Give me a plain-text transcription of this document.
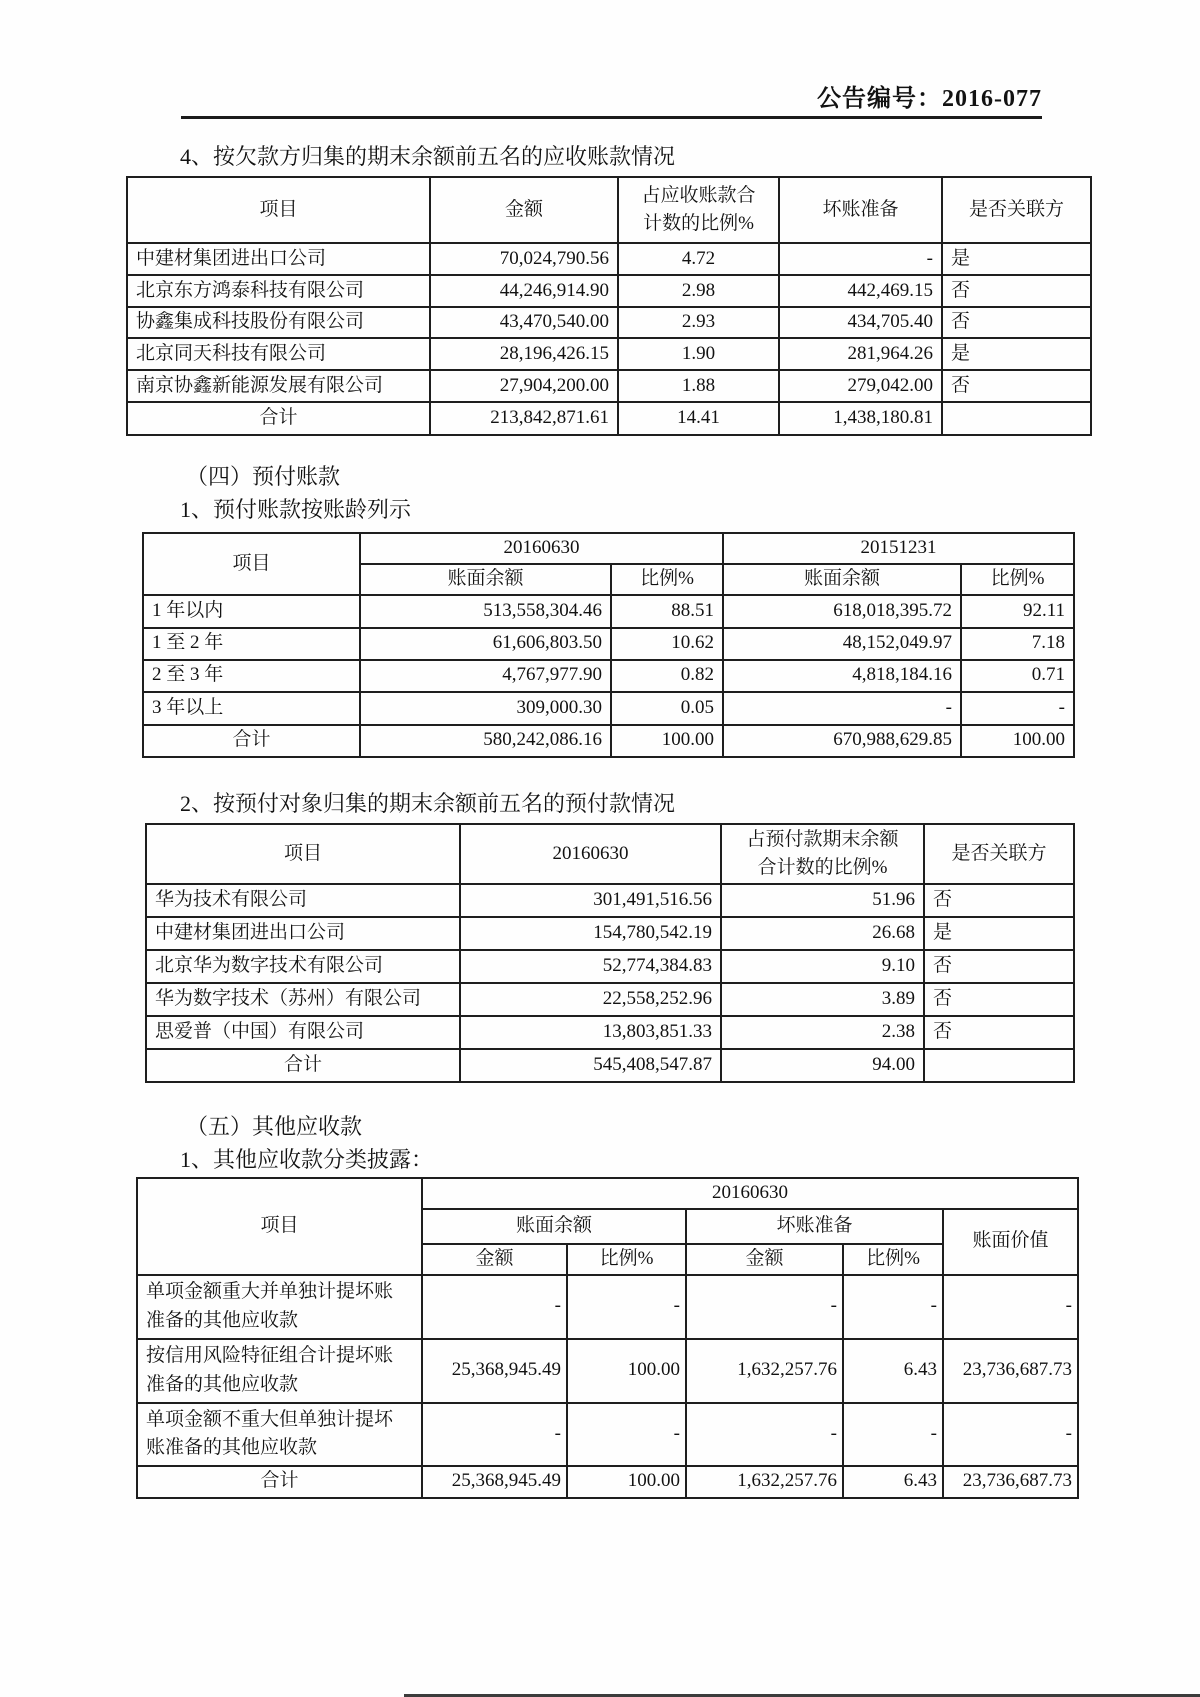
公告编号：2016-077
4、按欠款方归集的期末余额前五名的应收账款情况
项目	金额	占应收账款合计数的比例%	坏账准备	是否关联方
中建材集团进出口公司	70,024,790.56	4.72	-	是
北京东方鸿泰科技有限公司	44,246,914.90	2.98	442,469.15	否
协鑫集成科技股份有限公司	43,470,540.00	2.93	434,705.40	否
北京同天科技有限公司	28,196,426.15	1.90	281,964.26	是
南京协鑫新能源发展有限公司	27,904,200.00	1.88	279,042.00	否
合计	213,842,871.61	14.41	1,438,180.81	
（四）预付账款
1、预付账款按账龄列示
项目	20160630		20151231	
	账面余额	比例%	账面余额	比例%
1 年以内	513,558,304.46	88.51	618,018,395.72	92.11
1 至 2 年	61,606,803.50	10.62	48,152,049.97	7.18
2 至 3 年	4,767,977.90	0.82	4,818,184.16	0.71
3 年以上	309,000.30	0.05	-	-
合计	580,242,086.16	100.00	670,988,629.85	100.00
2、按预付对象归集的期末余额前五名的预付款情况
项目	20160630	占预付款期末余额合计数的比例%	是否关联方
华为技术有限公司	301,491,516.56	51.96	否
中建材集团进出口公司	154,780,542.19	26.68	是
北京华为数字技术有限公司	52,774,384.83	9.10	否
华为数字技术（苏州）有限公司	22,558,252.96	3.89	否
思爱普（中国）有限公司	13,803,851.33	2.38	否
合计	545,408,547.87	94.00	
（五）其他应收款
1、其他应收款分类披露：
项目	20160630				
	账面余额		坏账准备		账面价值
	金额	比例%	金额	比例%	

单项金额重大并单独计提坏账准备的其他应收款	-	-	-	-	-

按信用风险特征组合计提坏账准备的其他应收款	25,368,945.49	100.00	1,632,257.76	6.43	23,736,687.73

单项金额不重大但单独计提坏账准备的其他应收款	-	-	-	-	-
合计	25,368,945.49	100.00	1,632,257.76	6.43	23,736,687.73
